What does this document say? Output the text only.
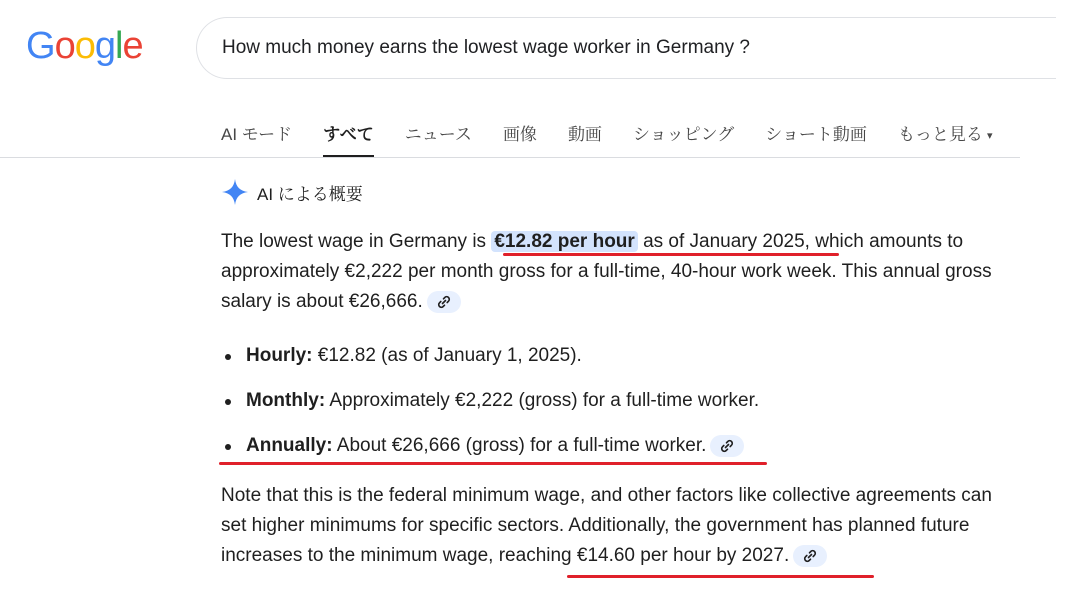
Google	How much money earns the lowest wage worker in Germany ?
AI モード すべて ニュース 画像 動画 ショッピング ショート動画 もっと見る ▾
AI による概要

The lowest wage in Germany is €12.82 per hour as of January 2025, which amounts to approximately €2,222 per month gross for a full-time, 40-hour work week. This annual gross salary is about €26,666.

Hourly: €12.82 (as of January 1, 2025).
Monthly: Approximately €2,222 (gross) for a full-time worker.
Annually: About €26,666 (gross) for a full-time worker.

Note that this is the federal minimum wage, and other factors like collective agreements can set higher minimums for specific sectors. Additionally, the government has planned future increases to the minimum wage, reaching €14.60 per hour by 2027.
